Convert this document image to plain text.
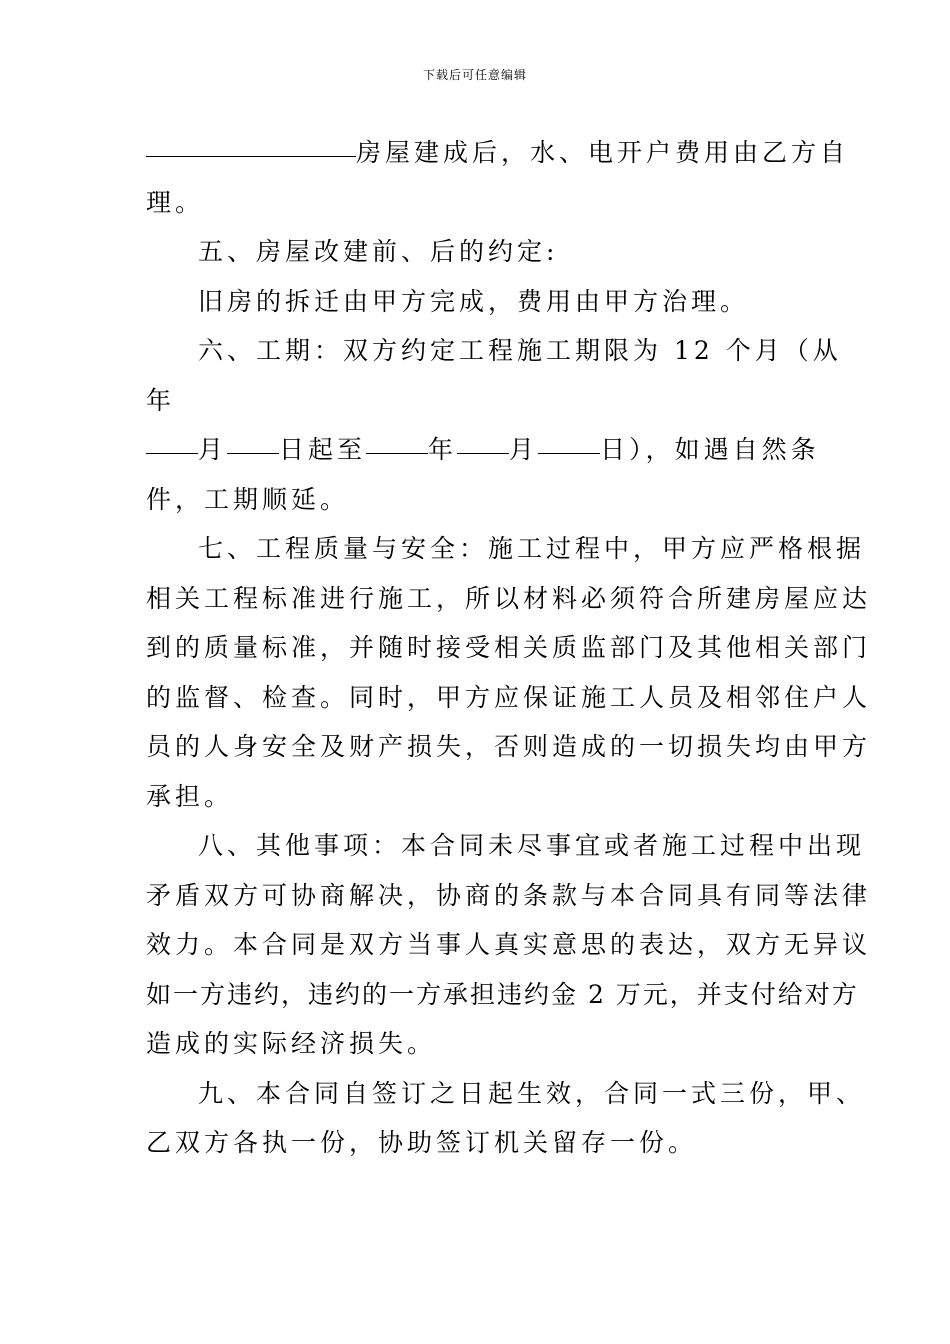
下载后可任意编辑
房屋建成后，水、电开户费用由乙方自
理。
五、房屋改建前、后的约定:
旧房的拆迁由甲方完成，费用由甲方治理。
六、工期：双方约定工程施工期限为 12 个月（从
年
月 日起至 年 月 日），如遇自然条
件，工期顺延。
七、工程质量与安全：施工过程中，甲方应严格根据
相关工程标准进行施工，所以材料必须符合所建房屋应达
到的质量标准，并随时接受相关质监部门及其他相关部门
的监督、检查。同时，甲方应保证施工人员及相邻住户人
员的人身安全及财产损失，否则造成的一切损失均由甲方
承担。
八、其他事项：本合同未尽事宜或者施工过程中出现
矛盾双方可协商解决，协商的条款与本合同具有同等法律
效力。本合同是双方当事人真实意思的表达，双方无异议
如一方违约，违约的一方承担违约金 2 万元，并支付给对方
造成的实际经济损失。
九、本合同自签订之日起生效，合同一式三份，甲、
乙双方各执一份，协助签订机关留存一份。
